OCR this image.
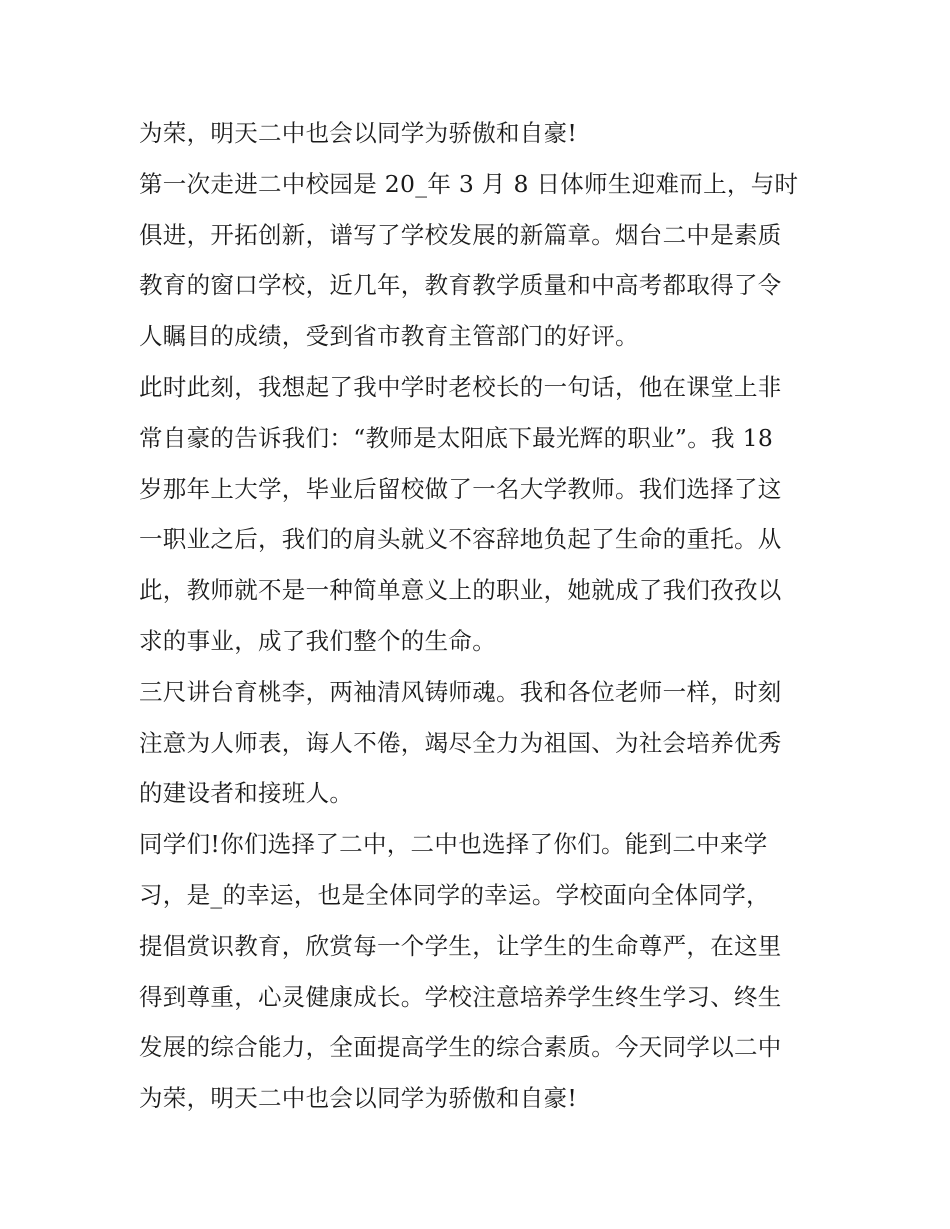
为荣，明天二中也会以同学为骄傲和自豪!
第一次走进二中校园是 20_年 3 月 8 日体师生迎难而上，与时
俱进，开拓创新，谱写了学校发展的新篇章。烟台二中是素质
教育的窗口学校，近几年，教育教学质量和中高考都取得了令
人瞩目的成绩，受到省市教育主管部门的好评。
此时此刻，我想起了我中学时老校长的一句话，他在课堂上非
常自豪的告诉我们：“教师是太阳底下最光辉的职业”。我 18
岁那年上大学，毕业后留校做了一名大学教师。我们选择了这
一职业之后，我们的肩头就义不容辞地负起了生命的重托。从
此，教师就不是一种简单意义上的职业，她就成了我们孜孜以
求的事业，成了我们整个的生命。
三尺讲台育桃李，两袖清风铸师魂。我和各位老师一样，时刻
注意为人师表，诲人不倦，竭尽全力为祖国、为社会培养优秀
的建设者和接班人。
同学们!你们选择了二中，二中也选择了你们。能到二中来学
习，是_的幸运，也是全体同学的幸运。学校面向全体同学，
提倡赏识教育，欣赏每一个学生，让学生的生命尊严，在这里
得到尊重，心灵健康成长。学校注意培养学生终生学习、终生
发展的综合能力，全面提高学生的综合素质。今天同学以二中
为荣，明天二中也会以同学为骄傲和自豪!
